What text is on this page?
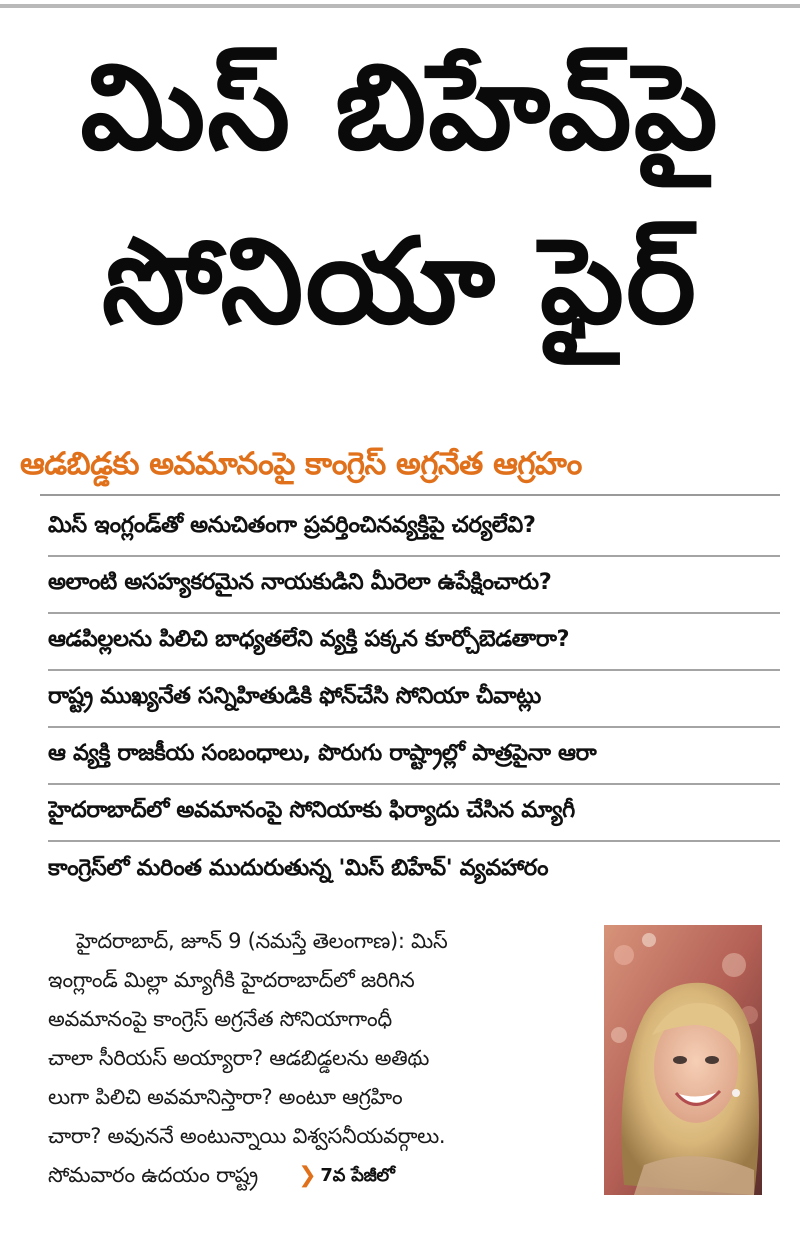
మిస్ బిహేవ్‌పై
సోనియా ఫైర్
ఆడబిడ్డకు అవమానంపై కాంగ్రెస్ అగ్రనేత ఆగ్రహం
మిస్ ఇంగ్లండ్‌తో అనుచితంగా ప్రవర్తించినవ్యక్తిపై చర్యలేవి?
అలాంటి అసహ్యకరమైన నాయకుడిని మీరెలా ఉపేక్షించారు?
ఆడపిల్లలను పిలిచి బాధ్యతలేని వ్యక్తి పక్కన కూర్చోబెడతారా?
రాష్ట్ర ముఖ్యనేత సన్నిహితుడికి ఫోన్‌చేసి సోనియా చీవాట్లు
ఆ వ్యక్తి రాజకీయ సంబంధాలు, పొరుగు రాష్ట్రాల్లో పాత్రపైనా ఆరా
హైదరాబాద్‌లో అవమానంపై సోనియాకు ఫిర్యాదు చేసిన మ్యాగీ
కాంగ్రెస్‌లో మరింత ముదురుతున్న 'మిస్ బిహేవ్' వ్యవహారం
హైదరాబాద్, జూన్ 9 (నమస్తే తెలంగాణ): మిస్
ఇంగ్లాండ్ మిల్లా మ్యాగీకి హైదరాబాద్‌లో జరిగిన
అవమానంపై కాంగ్రెస్ అగ్రనేత సోనియాగాంధీ
చాలా సీరియస్ అయ్యారా? ఆడబిడ్డలను అతిథు
లుగా పిలిచి అవమానిస్తారా? అంటూ ఆగ్రహిం
చారా? అవుననే అంటున్నాయి విశ్వసనీయవర్గాలు.
సోమవారం ఉదయం రాష్ట్ర ❯ 7వ పేజీలో
